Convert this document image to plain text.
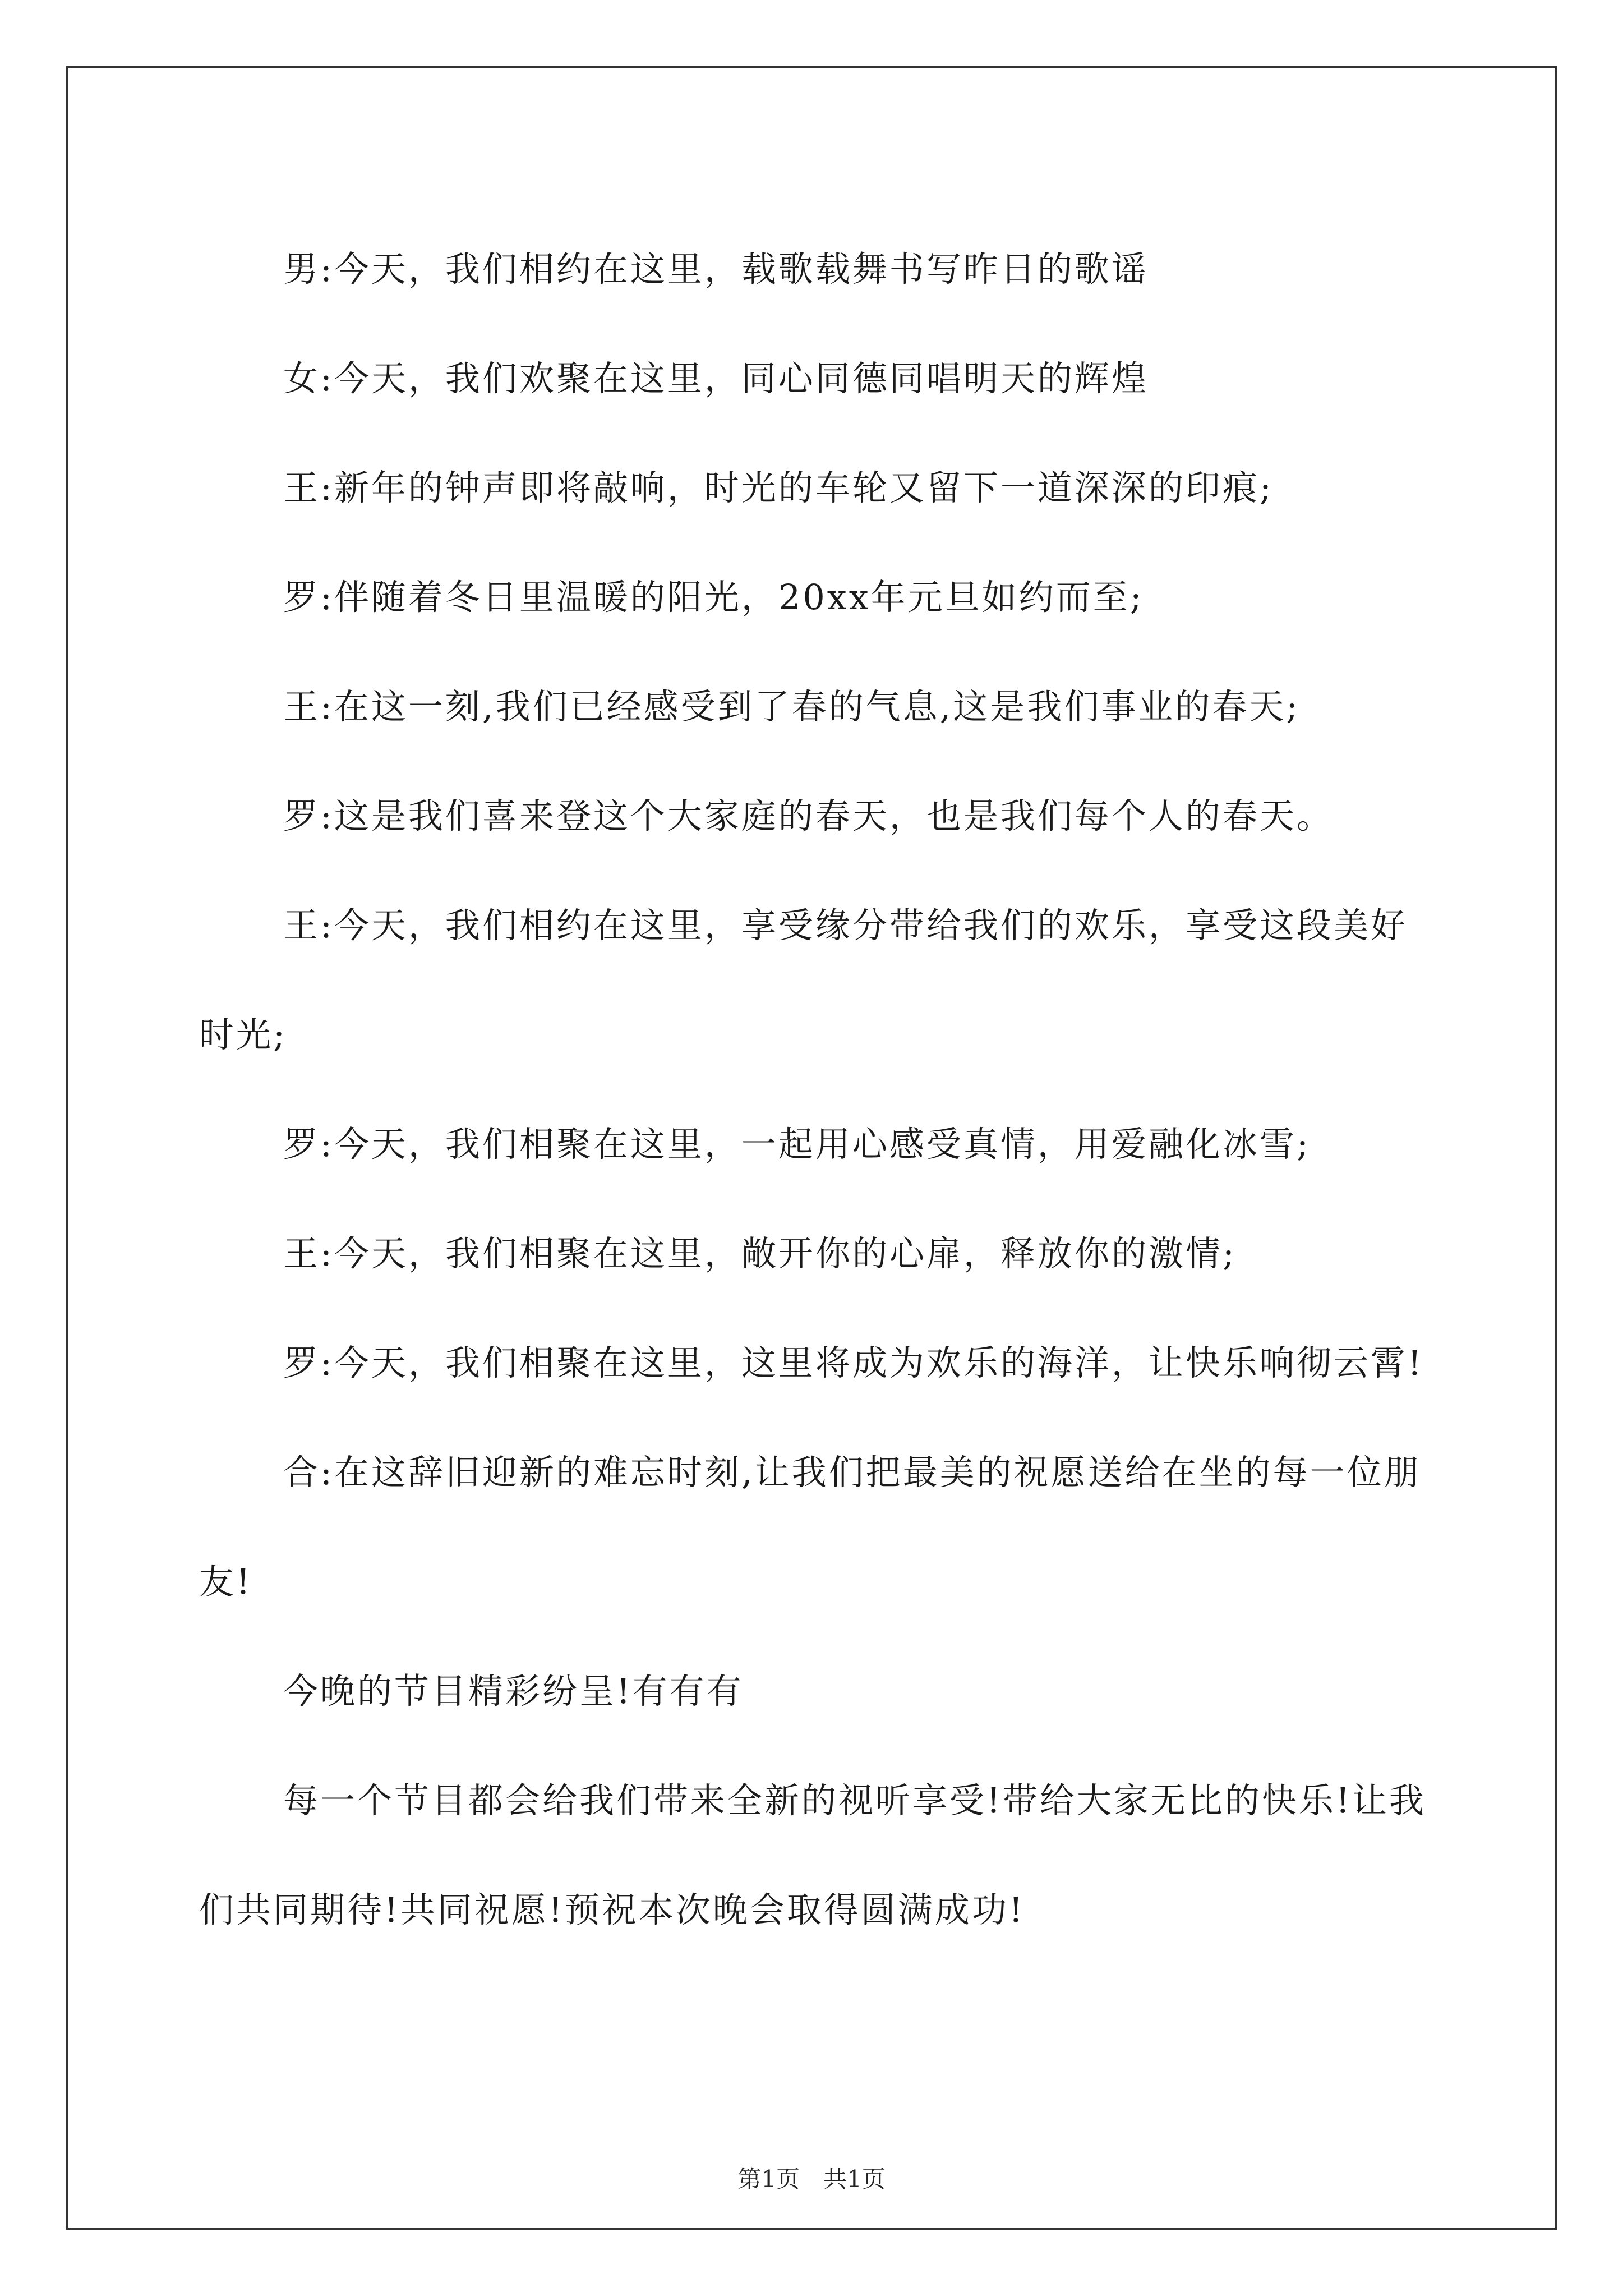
男:今天，我们相约在这里，载歌载舞书写昨日的歌谣

女:今天，我们欢聚在这里，同心同德同唱明天的辉煌

王:新年的钟声即将敲响，时光的车轮又留下一道深深的印痕;

罗:伴随着冬日里温暖的阳光，20xx年元旦如约而至;

王:在这一刻,我们已经感受到了春的气息,这是我们事业的春天;

罗:这是我们喜来登这个大家庭的春天，也是我们每个人的春天。

王:今天，我们相约在这里，享受缘分带给我们的欢乐，享受这段美好时光;

罗:今天，我们相聚在这里，一起用心感受真情，用爱融化冰雪;

王:今天，我们相聚在这里，敞开你的心扉，释放你的激情;

罗:今天，我们相聚在这里，这里将成为欢乐的海洋，让快乐响彻云霄!

合:在这辞旧迎新的难忘时刻,让我们把最美的祝愿送给在坐的每一位朋友!

今晚的节目精彩纷呈!有有有

每一个节目都会给我们带来全新的视听享受!带给大家无比的快乐!让我们共同期待!共同祝愿!预祝本次晚会取得圆满成功!

第1页　共1页
